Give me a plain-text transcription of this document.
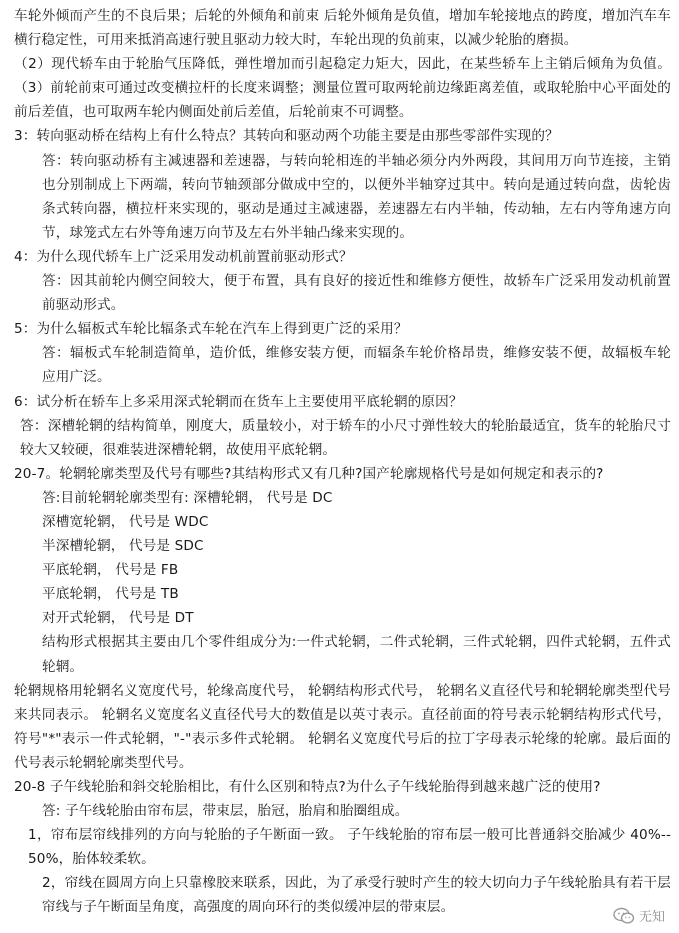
车轮外倾而产生的不良后果；后轮的外倾角和前束 后轮外倾角是负值，增加车轮接地点的跨度，增加汽车车横行稳定性，可用来抵消高速行驶且驱动力较大时，车轮出现的负前束，以减少轮胎的磨损。

（2）现代轿车由于轮胎气压降低，弹性增加而引起稳定力矩大，因此，在某些轿车上主销后倾角为负值。（3）前轮前束可通过改变横拉杆的长度来调整；测量位置可取两轮前边缘距离差值，或取轮胎中心平面处的前后差值，也可取两车轮内侧面处前后差值，后轮前束不可调整。

3：转向驱动桥在结构上有什么特点？其转向和驱动两个功能主要是由那些零部件实现的？

答：转向驱动桥有主减速器和差速器，与转向轮相连的半轴必须分内外两段，其间用万向节连接，主销也分别制成上下两端，转向节轴颈部分做成中空的，以便外半轴穿过其中。转向是通过转向盘，齿轮齿条式转向器，横拉杆来实现的，驱动是通过主减速器，差速器左右内半轴，传动轴，左右内等角速方向节，球笼式左右外等角速万向节及左右外半轴凸缘来实现的。

4：为什么现代轿车上广泛采用发动机前置前驱动形式？

答：因其前轮内侧空间较大，便于布置，具有良好的接近性和维修方便性，故轿车广泛采用发动机前置前驱动形式。

5：为什么辐板式车轮比辐条式车轮在汽车上得到更广泛的采用？

答：辐板式车轮制造简单，造价低，维修安装方便，而辐条车轮价格昂贵，维修安装不便，故辐板车轮应用广泛。

6：试分析在轿车上多采用深式轮辋而在货车上主要使用平底轮辋的原因？

答：深槽轮辋的结构简单，刚度大，质量较小，对于轿车的小尺寸弹性较大的轮胎最适宜，货车的轮胎尺寸较大又较硬，很难装进深槽轮辋，故使用平底轮辋。

20-7。轮辋轮廓类型及代号有哪些?其结构形式又有几种?国产轮廓规格代号是如何规定和表示的?

答:目前轮辋轮廓类型有: 深槽轮辋， 代号是 DC

深槽宽轮辋， 代号是 WDC

半深槽轮辋， 代号是 SDC

平底轮辋， 代号是 FB

平底轮辋， 代号是 TB

对开式轮辋， 代号是 DT

结构形式根据其主要由几个零件组成分为:一件式轮辋，二件式轮辋，三件式轮辋，四件式轮辋，五件式轮辋。

轮辋规格用轮辋名义宽度代号，轮缘高度代号， 轮辋结构形式代号， 轮辋名义直径代号和轮辋轮廓类型代号来共同表示。 轮辋名义宽度名义直径代号大的数值是以英寸表示。直径前面的符号表示轮辋结构形式代号，符号"*"表示一件式轮辋，"-"表示多件式轮辋。 轮辋名义宽度代号后的拉丁字母表示轮缘的轮廓。最后面的代号表示轮辋轮廓类型代号。

20-8 子午线轮胎和斜交轮胎相比，有什么区别和特点?为什么子午线轮胎得到越来越广泛的使用?

答: 子午线轮胎由帘布层，带束层，胎冠，胎肩和胎圈组成。

1，帘布层帘线排列的方向与轮胎的子午断面一致。 子午线轮胎的帘布层一般可比普通斜交胎减少 40%--50%，胎体较柔软。

2，帘线在圆周方向上只靠橡胶来联系，因此，为了承受行驶时产生的较大切向力子午线轮胎具有若干层帘线与子午断面呈角度，高强度的周向环行的类似缓冲层的带束层。

无知
